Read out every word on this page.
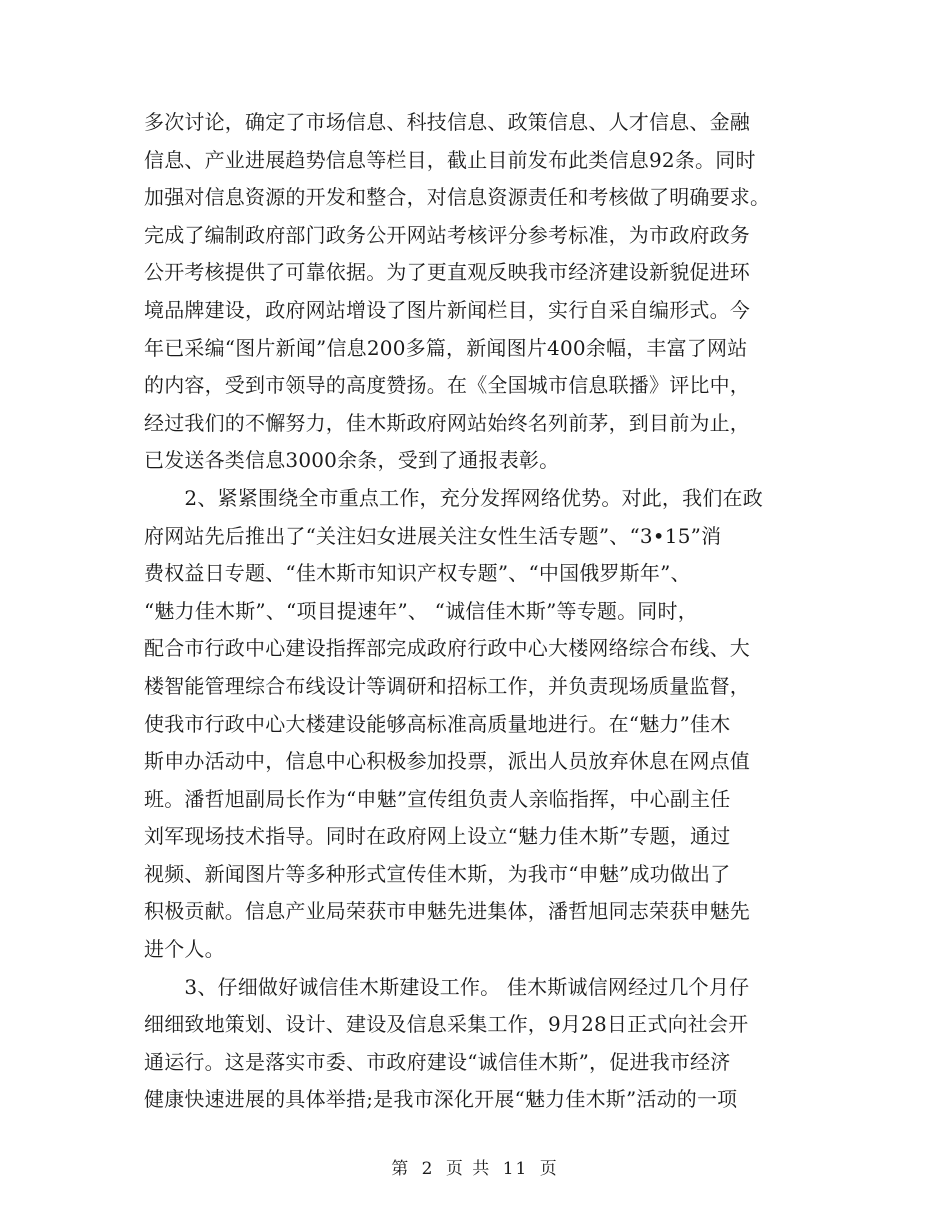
多次讨论，确定了市场信息、科技信息、政策信息、人才信息、金融
信息、产业进展趋势信息等栏目，截止目前发布此类信息92条。同时
加强对信息资源的开发和整合，对信息资源责任和考核做了明确要求。
完成了编制政府部门政务公开网站考核评分参考标准，为市政府政务
公开考核提供了可靠依据。为了更直观反映我市经济建设新貌促进环
境品牌建设，政府网站增设了图片新闻栏目，实行自采自编形式。今
年已采编“图片新闻”信息200多篇，新闻图片400余幅，丰富了网站
的内容，受到市领导的高度赞扬。在《全国城市信息联播》评比中，
经过我们的不懈努力，佳木斯政府网站始终名列前茅，到目前为止，
已发送各类信息3000余条，受到了通报表彰。
　　2、紧紧围绕全市重点工作，充分发挥网络优势。对此，我们在政
府网站先后推出了“关注妇女进展关注女性生活专题”、“3•15”消
费权益日专题、“佳木斯市知识产权专题”、“中国俄罗斯年”、
“魅力佳木斯”、“项目提速年”、 “诚信佳木斯”等专题。同时，
配合市行政中心建设指挥部完成政府行政中心大楼网络综合布线、大
楼智能管理综合布线设计等调研和招标工作，并负责现场质量监督，
使我市行政中心大楼建设能够高标准高质量地进行。在“魅力”佳木
斯申办活动中，信息中心积极参加投票，派出人员放弃休息在网点值
班。潘哲旭副局长作为“申魅”宣传组负责人亲临指挥，中心副主任
刘军现场技术指导。同时在政府网上设立“魅力佳木斯”专题，通过
视频、新闻图片等多种形式宣传佳木斯，为我市“申魅”成功做出了
积极贡献。信息产业局荣获市申魅先进集体，潘哲旭同志荣获申魅先
进个人。
　　3、仔细做好诚信佳木斯建设工作。 佳木斯诚信网经过几个月仔
细细致地策划、设计、建设及信息采集工作，9月28日正式向社会开
通运行。这是落实市委、市政府建设“诚信佳木斯”，促进我市经济
健康快速进展的具体举措;是我市深化开展“魅力佳木斯”活动的一项
第 2 页 共 11 页
